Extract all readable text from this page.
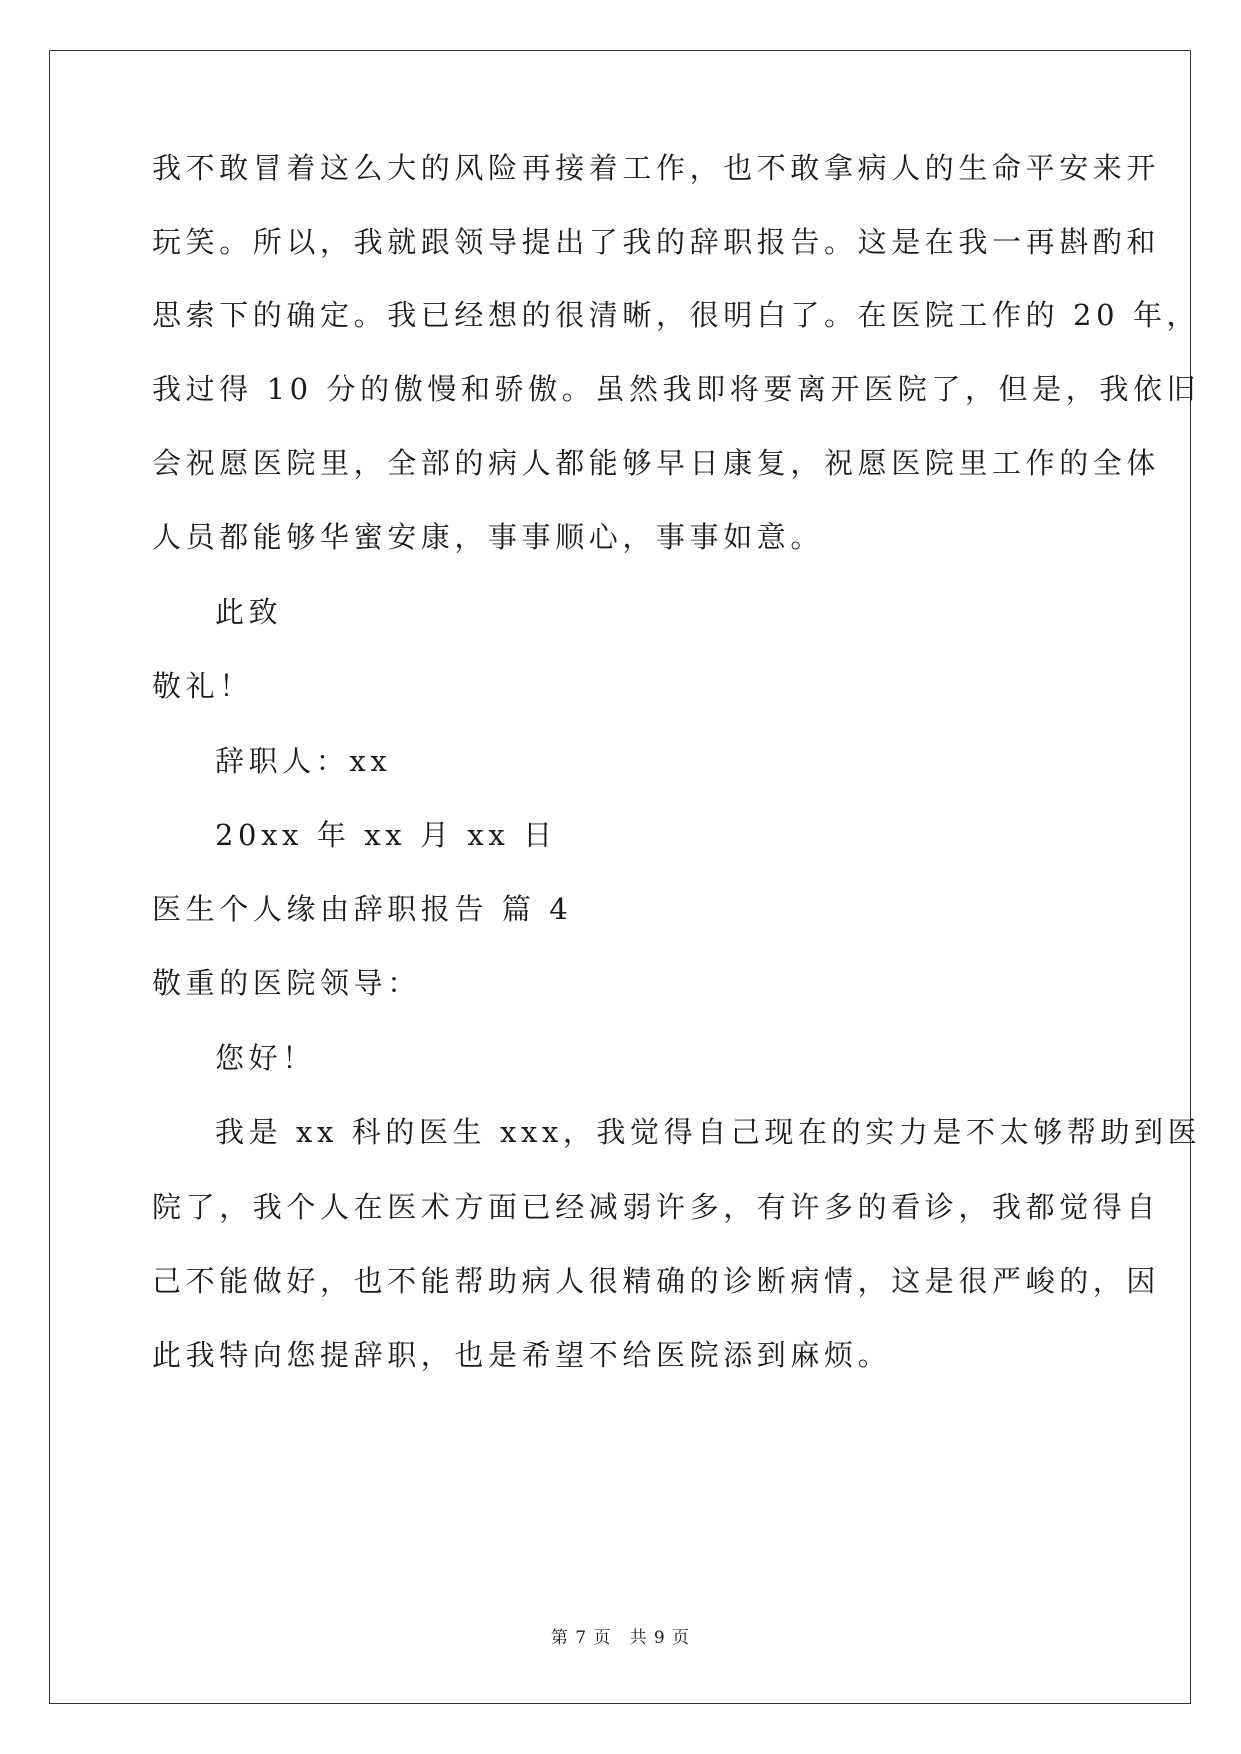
我不敢冒着这么大的风险再接着工作，也不敢拿病人的生命平安来开
玩笑。所以，我就跟领导提出了我的辞职报告。这是在我一再斟酌和
思索下的确定。我已经想的很清晰，很明白了。在医院工作的 20 年，
我过得 10 分的傲慢和骄傲。虽然我即将要离开医院了，但是，我依旧
会祝愿医院里，全部的病人都能够早日康复，祝愿医院里工作的全体
人员都能够华蜜安康，事事顺心，事事如意。
此致
敬礼！
辞职人：xx
20xx 年 xx 月 xx 日
医生个人缘由辞职报告 篇 4
敬重的医院领导：
您好！
我是 xx 科的医生 xxx，我觉得自己现在的实力是不太够帮助到医
院了，我个人在医术方面已经减弱许多，有许多的看诊，我都觉得自
己不能做好，也不能帮助病人很精确的诊断病情，这是很严峻的，因
此我特向您提辞职，也是希望不给医院添到麻烦。
第 7 页　共 9 页
